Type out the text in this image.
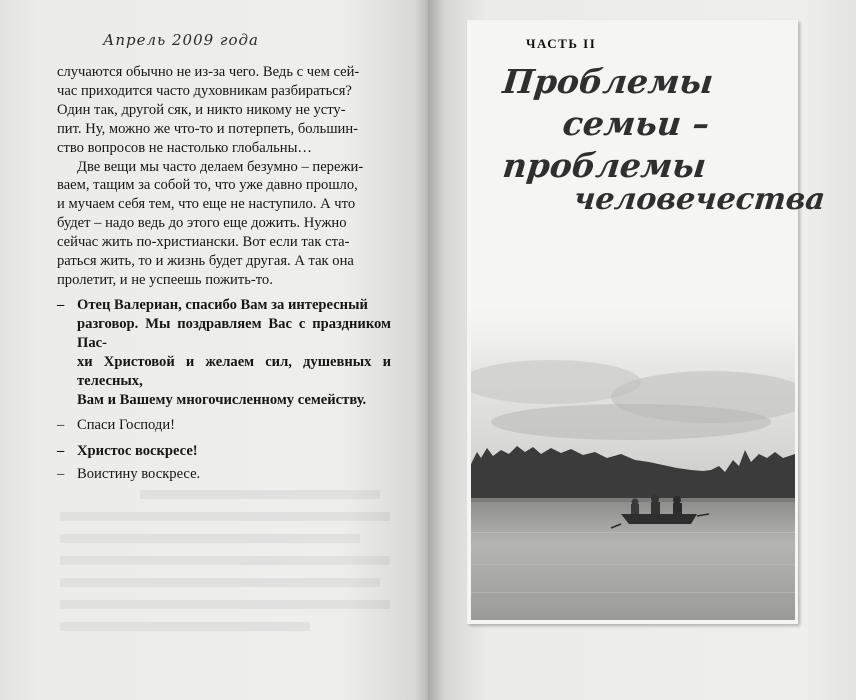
Апрель 2009 года

случаются обычно не из-за чего. Ведь с чем сей-
час приходится часто духовникам разбираться?
Один так, другой сяк, и никто никому не усту-
пит. Ну, можно же что-то и потерпеть, большин-
ство вопросов не настолько глобальны…

Две вещи мы часто делаем безумно – пережи-
ваем, тащим за собой то, что уже давно прошло,
и мучаем себя тем, что еще не наступило. А что
будет – надо ведь до этого еще дожить. Нужно
сейчас жить по-христиански. Вот если так ста-
раться жить, то и жизнь будет другая. А так она
пролетит, и не успеешь пожить-то.

– Отец Валериан, спасибо Вам за интересный
разговор. Мы поздравляем Вас с праздником Пас-
хи Христовой и желаем сил, душевных и телесных,
Вам и Вашему многочисленному семейству.
– Спаси Господи!
– Христос воскресе!
– Воистину воскресе.
ЧАСТЬ II
Проблемы
семьи –
проблемы
человечества
